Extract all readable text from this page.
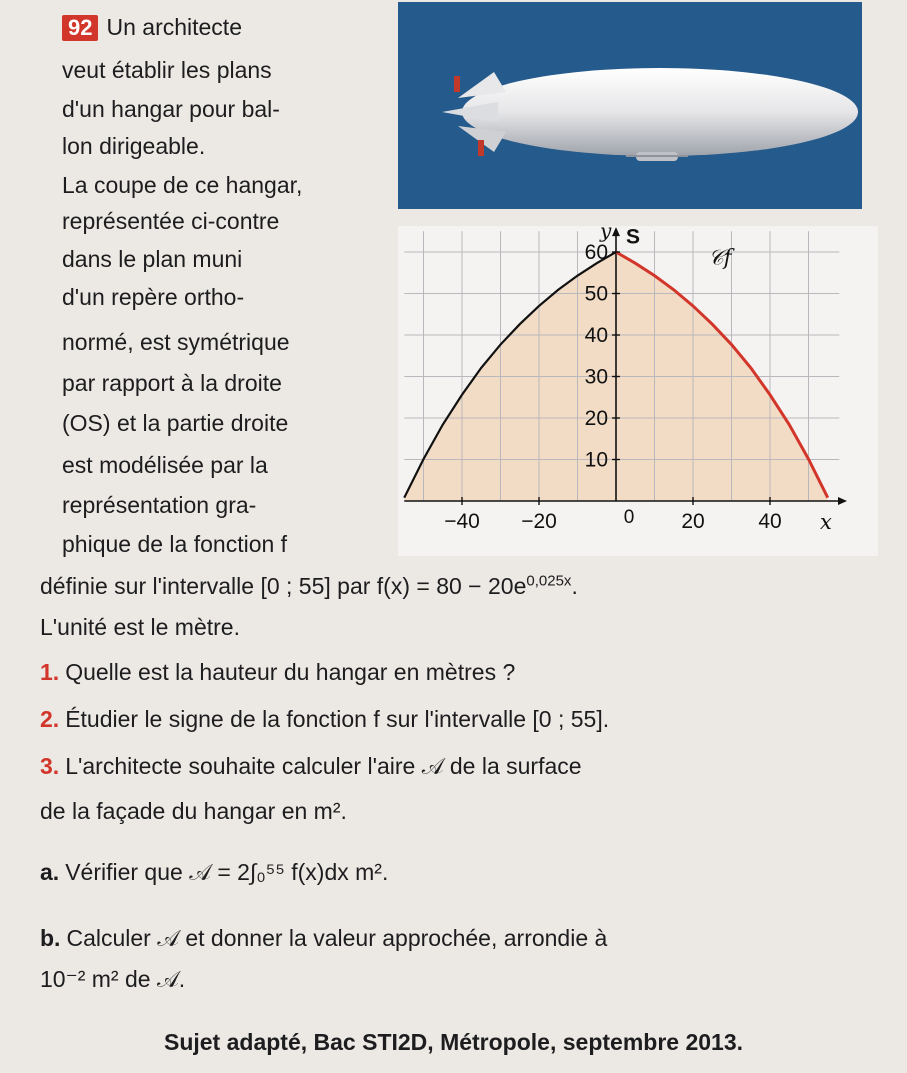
92 Un architecte
veut établir les plans
d'un hangar pour bal-
lon dirigeable.
La coupe de ce hangar,
représentée ci-contre
dans le plan muni
d'un repère ortho-
normé, est symétrique
par rapport à la droite
(OS) et la partie droite
est modélisée par la
représentation gra-
phique de la fonction f
−40 −20	20	40
10
20
30
40
50
60
0	x
y S
𝒞f
définie sur l'intervalle [0 ; 55] par $f(x) = 80 - 20e^{0,025x}$.
L'unité est le mètre.
1. Quelle est la hauteur du hangar en mètres ?
2. Étudier le signe de la fonction f sur l'intervalle [0 ; 55].
3. L'architecte souhaite calculer l'aire 𝒜 de la surface
de la façade du hangar en m².
a. Vérifier que 𝒜 = 2∫₀⁵⁵ f(x)dx m².
b. Calculer 𝒜 et donner la valeur approchée, arrondie à
10⁻² m² de 𝒜.
Sujet adapté, Bac STI2D, Métropole, septembre 2013.
